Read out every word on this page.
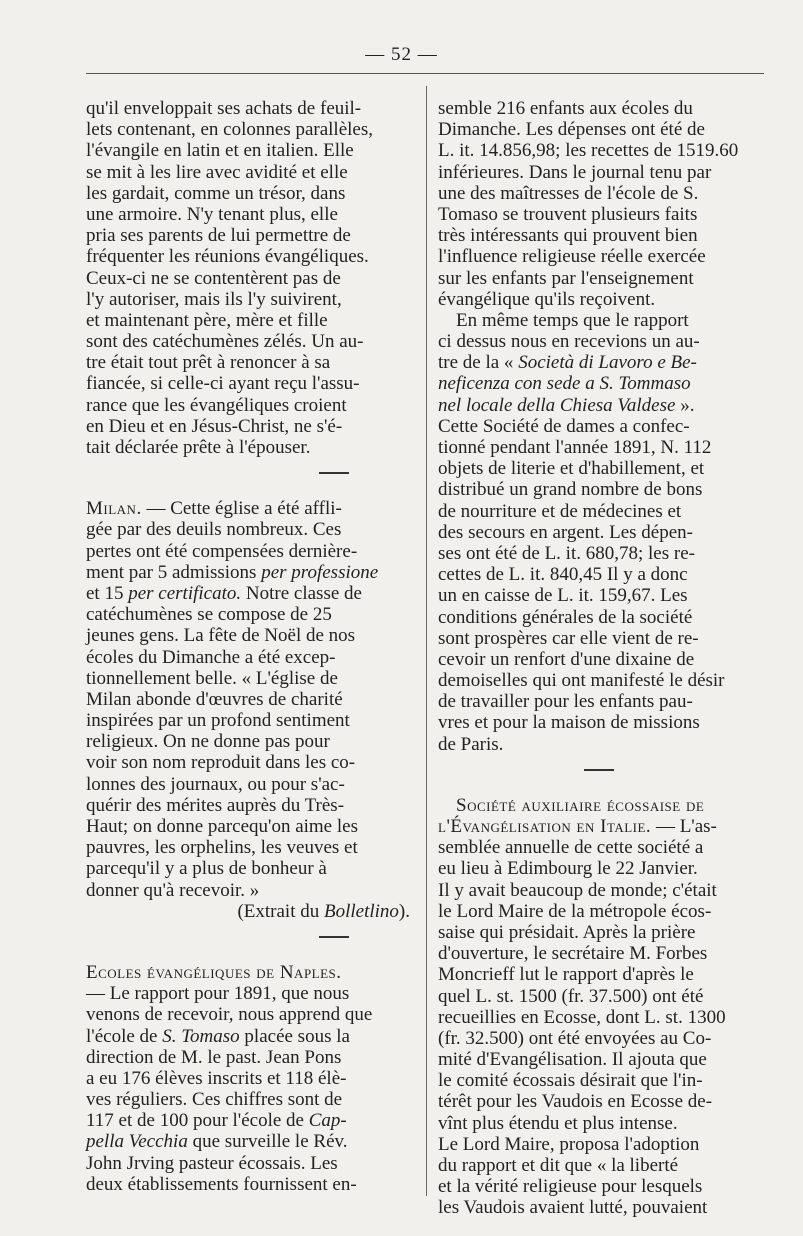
— 52 —
qu'il enveloppait ses achats de feuil-
lets contenant, en colonnes parallèles,
l'évangile en latin et en italien. Elle
se mit à les lire avec avidité et elle
les gardait, comme un trésor, dans
une armoire. N'y tenant plus, elle
pria ses parents de lui permettre de
fréquenter les réunions évangéliques.
Ceux-ci ne se contentèrent pas de
l'y autoriser, mais ils l'y suivirent,
et maintenant père, mère et fille
sont des catéchumènes zélés. Un au-
tre était tout prêt à renoncer à sa
fiancée, si celle-ci ayant reçu l'assu-
rance que les évangéliques croient
en Dieu et en Jésus-Christ, ne s'é-
tait déclarée prête à l'épouser.
Milan. — Cette église a été affli-
gée par des deuils nombreux. Ces
pertes ont été compensées dernière-
ment par 5 admissions per professione
et 15 per certificato. Notre classe de
catéchumènes se compose de 25
jeunes gens. La fête de Noël de nos
écoles du Dimanche a été excep-
tionnellement belle. « L'église de
Milan abonde d'œuvres de charité
inspirées par un profond sentiment
religieux. On ne donne pas pour
voir son nom reproduit dans les co-
lonnes des journaux, ou pour s'ac-
quérir des mérites auprès du Très-
Haut; on donne parcequ'on aime les
pauvres, les orphelins, les veuves et
parcequ'il y a plus de bonheur à
donner qu'à recevoir. »
(Extrait du Bolletlino).
Ecoles évangéliques de Naples.
— Le rapport pour 1891, que nous
venons de recevoir, nous apprend que
l'école de S. Tomaso placée sous la
direction de M. le past. Jean Pons
a eu 176 élèves inscrits et 118 élè-
ves réguliers. Ces chiffres sont de
117 et de 100 pour l'école de Cap-
pella Vecchia que surveille le Rév.
John Jrving pasteur écossais. Les
deux établissements fournissent en-
semble 216 enfants aux écoles du
Dimanche. Les dépenses ont été de
L. it. 14.856,98; les recettes de 1519.60
inférieures. Dans le journal tenu par
une des maîtresses de l'école de S.
Tomaso se trouvent plusieurs faits
très intéressants qui prouvent bien
l'influence religieuse réelle exercée
sur les enfants par l'enseignement
évangélique qu'ils reçoivent.
En même temps que le rapport
ci dessus nous en recevions un au-
tre de la « Società di Lavoro e Be-
neficenza con sede a S. Tommaso
nel locale della Chiesa Valdese ».
Cette Société de dames a confec-
tionné pendant l'année 1891, N. 112
objets de literie et d'habillement, et
distribué un grand nombre de bons
de nourriture et de médecines et
des secours en argent. Les dépen-
ses ont été de L. it. 680,78; les re-
cettes de L. it. 840,45 Il y a donc
un en caisse de L. it. 159,67. Les
conditions générales de la société
sont prospères car elle vient de re-
cevoir un renfort d'une dixaine de
demoiselles qui ont manifesté le désir
de travailler pour les enfants pau-
vres et pour la maison de missions
de Paris.
Société auxiliaire écossaise de
l'Évangélisation en Italie. — L'as-
semblée annuelle de cette société a
eu lieu à Edimbourg le 22 Janvier.
Il y avait beaucoup de monde; c'était
le Lord Maire de la métropole écos-
saise qui présidait. Après la prière
d'ouverture, le secrétaire M. Forbes
Moncrieff lut le rapport d'après le
quel L. st. 1500 (fr. 37.500) ont été
recueillies en Ecosse, dont L. st. 1300
(fr. 32.500) ont été envoyées au Co-
mité d'Evangélisation. Il ajouta que
le comité écossais désirait que l'in-
térêt pour les Vaudois en Ecosse de-
vînt plus étendu et plus intense.
Le Lord Maire, proposa l'adoption
du rapport et dit que « la liberté
et la vérité religieuse pour lesquels
les Vaudois avaient lutté, pouvaient
